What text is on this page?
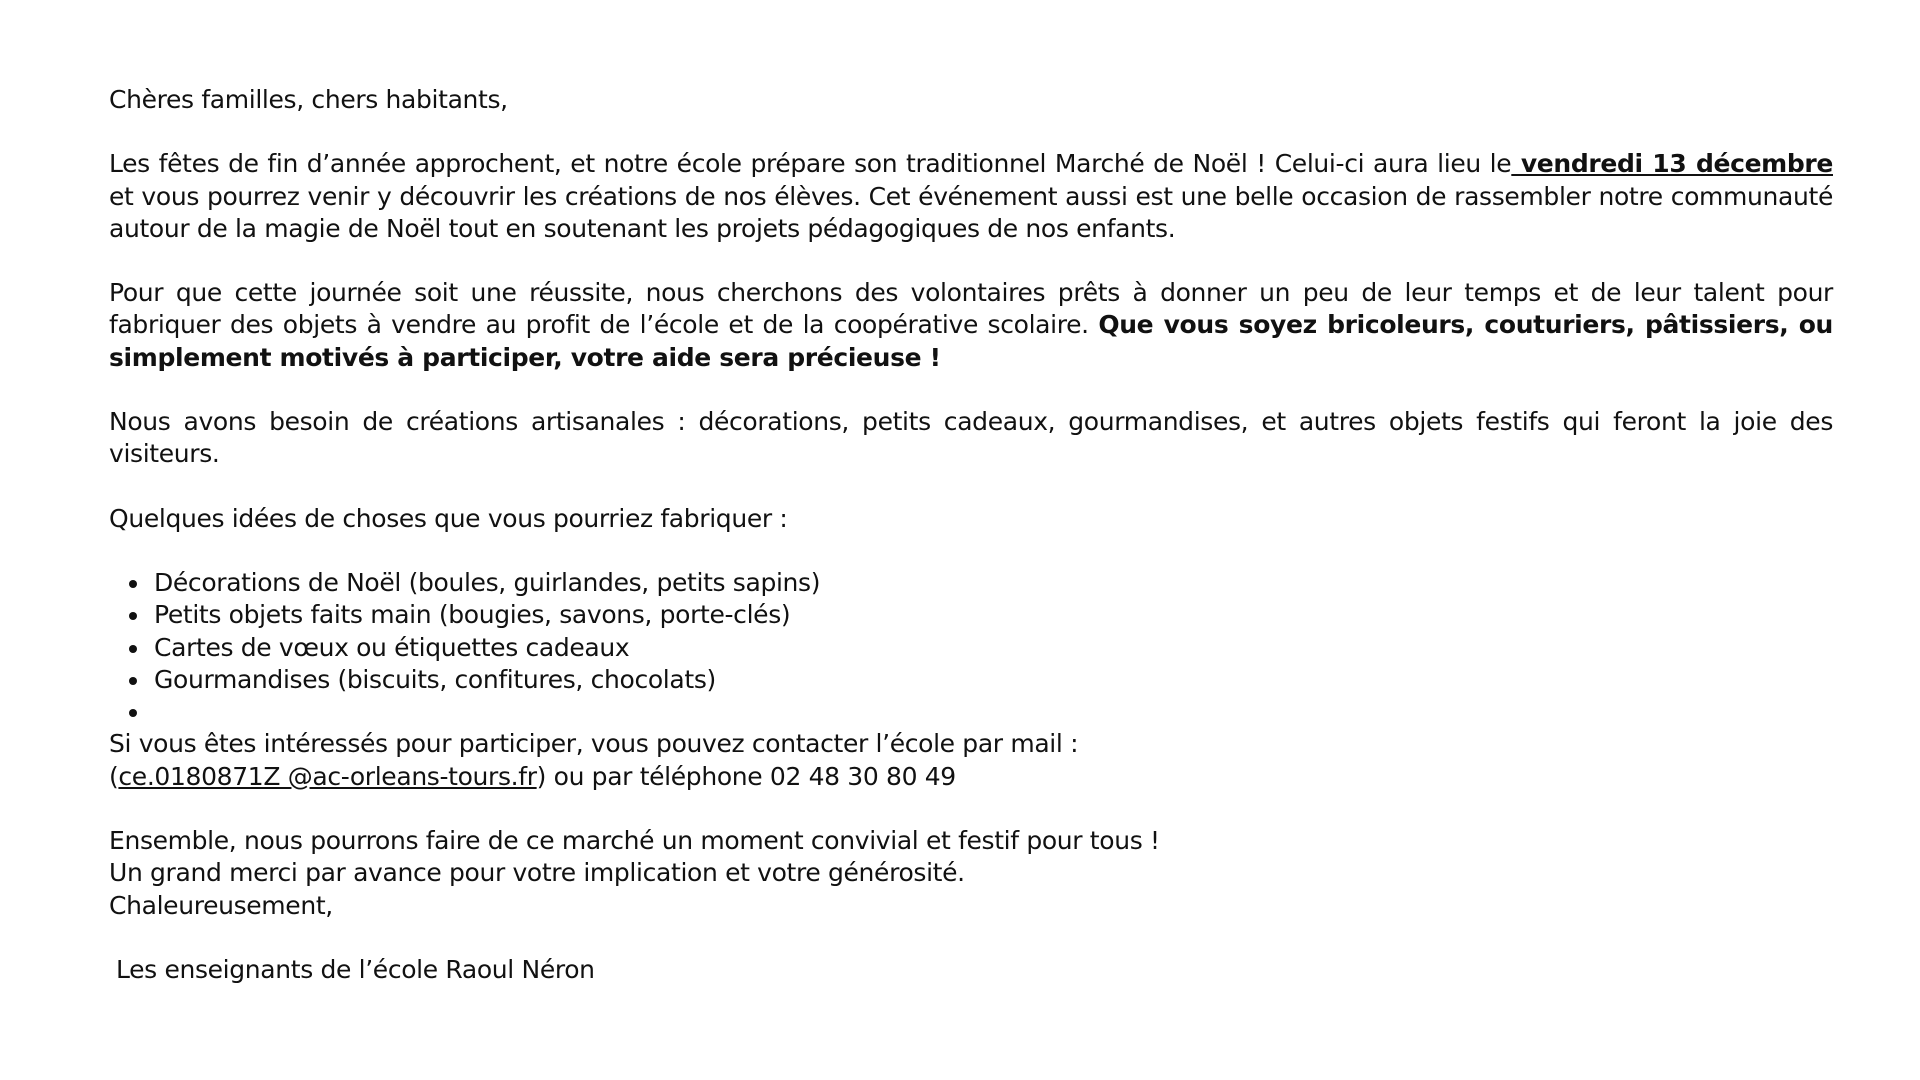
Chères familles, chers habitants,

Les fêtes de fin d’année approchent, et notre école prépare son traditionnel Marché de Noël ! Celui-ci aura lieu le vendredi 13 décembre et vous pourrez venir y découvrir les créations de nos élèves. Cet événement aussi est une belle occasion de rassembler notre communauté autour de la magie de Noël tout en soutenant les projets pédagogiques de nos enfants.

Pour que cette journée soit une réussite, nous cherchons des volontaires prêts à donner un peu de leur temps et de leur talent pour fabriquer des objets à vendre au profit de l’école et de la coopérative scolaire. Que vous soyez bricoleurs, couturiers, pâtissiers, ou simplement motivés à participer, votre aide sera précieuse !

Nous avons besoin de créations artisanales : décorations, petits cadeaux, gourmandises, et autres objets festifs qui feront la joie des visiteurs.

Quelques idées de choses que vous pourriez fabriquer :

Décorations de Noël (boules, guirlandes, petits sapins)
Petits objets faits main (bougies, savons, porte-clés)
Cartes de vœux ou étiquettes cadeaux
Gourmandises (biscuits, confitures, chocolats)

Si vous êtes intéressés pour participer, vous pouvez contacter l’école par mail :
(ce.0180871Z @ac-orleans-tours.fr) ou par téléphone 02 48 30 80 49

Ensemble, nous pourrons faire de ce marché un moment convivial et festif pour tous !
Un grand merci par avance pour votre implication et votre générosité.
Chaleureusement,

Les enseignants de l’école Raoul Néron
